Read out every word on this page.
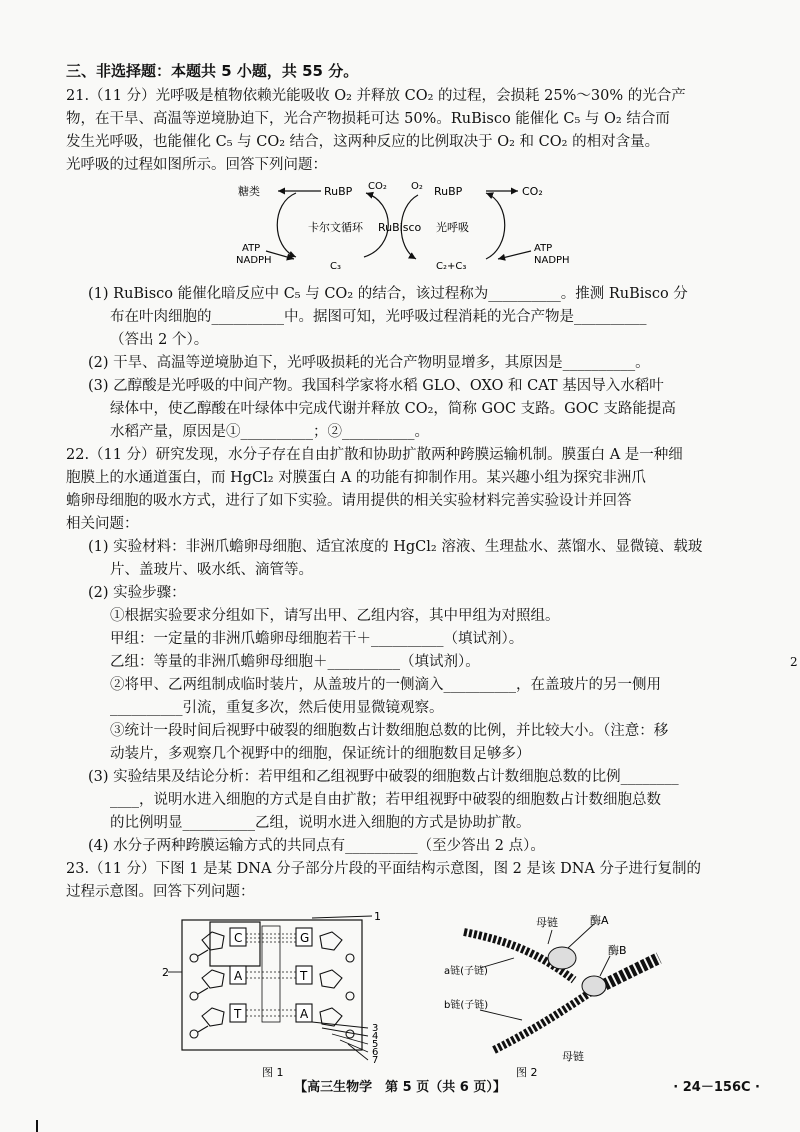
三、非选择题：本题共 5 小题，共 55 分。

21.（11 分）光呼吸是植物依赖光能吸收 O₂ 并释放 CO₂ 的过程，会损耗 25%～30% 的光合产

物，在干旱、高温等逆境胁迫下，光合产物损耗可达 50%。RuBisco 能催化 C₅ 与 O₂ 结合而

发生光呼吸，也能催化 C₅ 与 CO₂ 结合，这两种反应的比例取决于 O₂ 和 CO₂ 的相对含量。

光呼吸的过程如图所示。回答下列问题：

糖类	RuBP CO₂ O₂ RuBP	CO₂
卡尔文循环 RuBisco 光呼吸
ATP
NADPH
C₃	C₂+C₃
ATP
NADPH

(1) RuBisco 能催化暗反应中 C₅ 与 CO₂ 的结合，该过程称为__________。推测 RuBisco 分

布在叶肉细胞的__________中。据图可知，光呼吸过程消耗的光合产物是__________

（答出 2 个）。

(2) 干旱、高温等逆境胁迫下，光呼吸损耗的光合产物明显增多，其原因是__________。

(3) 乙醇酸是光呼吸的中间产物。我国科学家将水稻 GLO、OXO 和 CAT 基因导入水稻叶

绿体中，使乙醇酸在叶绿体中完成代谢并释放 CO₂，简称 GOC 支路。GOC 支路能提高

水稻产量，原因是①__________；②__________。

22.（11 分）研究发现，水分子存在自由扩散和协助扩散两种跨膜运输机制。膜蛋白 A 是一种细

胞膜上的水通道蛋白，而 HgCl₂ 对膜蛋白 A 的功能有抑制作用。某兴趣小组为探究非洲爪

蟾卵母细胞的吸水方式，进行了如下实验。请用提供的相关实验材料完善实验设计并回答

相关问题：

(1) 实验材料：非洲爪蟾卵母细胞、适宜浓度的 HgCl₂ 溶液、生理盐水、蒸馏水、显微镜、载玻

片、盖玻片、吸水纸、滴管等。

(2) 实验步骤：

①根据实验要求分组如下，请写出甲、乙组内容，其中甲组为对照组。

甲组：一定量的非洲爪蟾卵母细胞若干＋__________（填试剂）。

乙组：等量的非洲爪蟾卵母细胞＋__________（填试剂）。

②将甲、乙两组制成临时装片，从盖玻片的一侧滴入__________，在盖玻片的另一侧用

__________引流，重复多次，然后使用显微镜观察。

③统计一段时间后视野中破裂的细胞数占计数细胞总数的比例，并比较大小。（注意：移

动装片，多观察几个视野中的细胞，保证统计的细胞数目足够多）

(3) 实验结果及结论分析：若甲组和乙组视野中破裂的细胞数占计数细胞总数的比例________

____，说明水进入细胞的方式是自由扩散；若甲组视野中破裂的细胞数占计数细胞总数

的比例明显__________乙组，说明水进入细胞的方式是协助扩散。

(4) 水分子两种跨膜运输方式的共同点有__________（至少答出 2 点）。

23.（11 分）下图 1 是某 DNA 分子部分片段的平面结构示意图，图 2 是该 DNA 分子进行复制的

过程示意图。回答下列问题：

C
A
T
G
T
A
1
2
3
4
5
6
7
图 1
母链	酶A
酶B
a链(子链)
b链(子链)
母链
图 2
【高三生物学　第 5 页（共 6 页）】	· 24－156C ·
2
